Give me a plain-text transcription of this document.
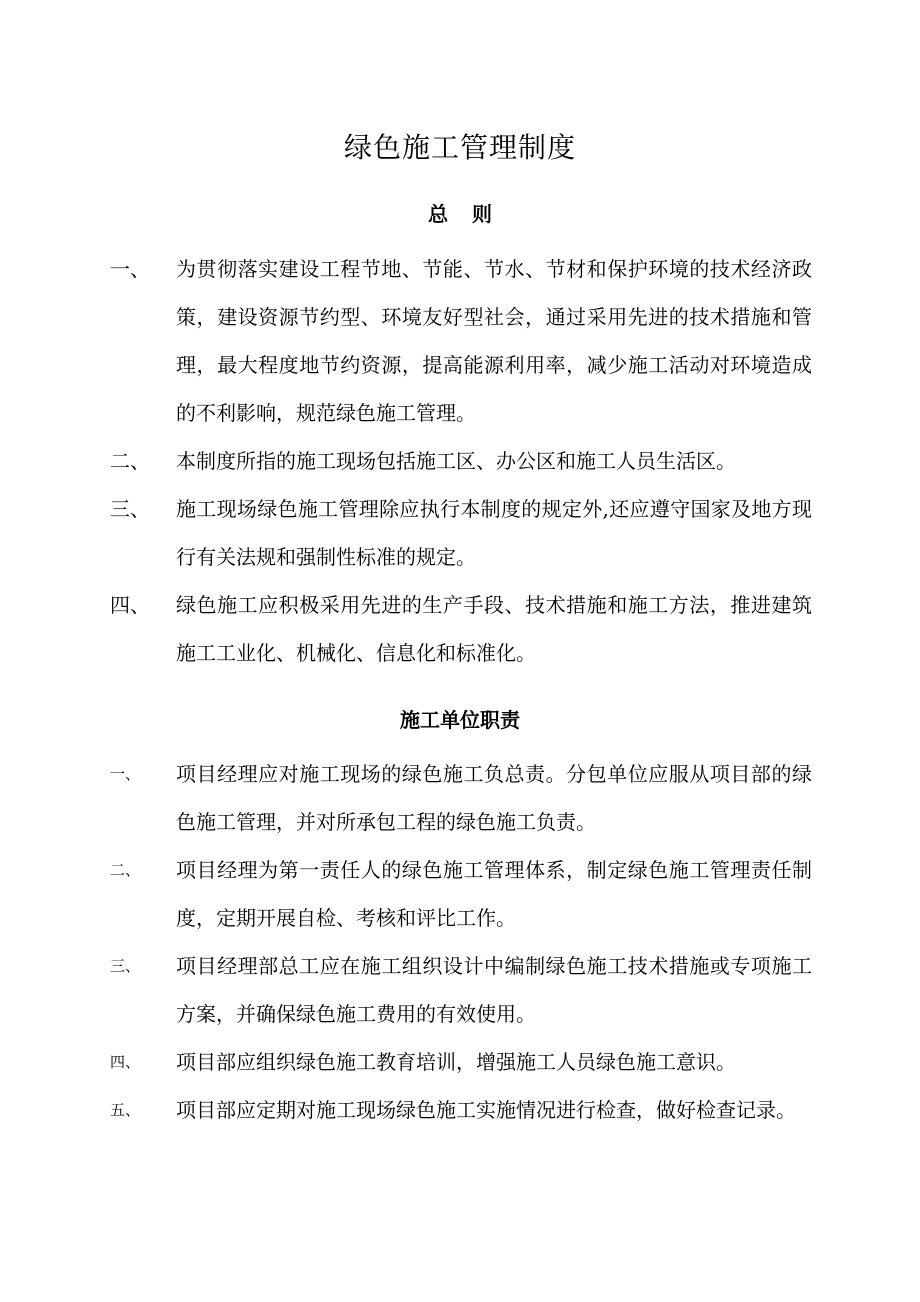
绿色施工管理制度
总 则
一、 为贯彻落实建设工程节地、节能、节水、节材和保护环境的技术经济政策，建设资源节约型、环境友好型社会，通过采用先进的技术措施和管理，最大程度地节约资源，提高能源利用率，减少施工活动对环境造成的不利影响，规范绿色施工管理。
二、 本制度所指的施工现场包括施工区、办公区和施工人员生活区。
三、 施工现场绿色施工管理除应执行本制度的规定外,还应遵守国家及地方现行有关法规和强制性标准的规定。
四、 绿色施工应积极采用先进的生产手段、技术措施和施工方法，推进建筑施工工业化、机械化、信息化和标准化。
施工单位职责
一、 项目经理应对施工现场的绿色施工负总责。分包单位应服从项目部的绿色施工管理，并对所承包工程的绿色施工负责。
二、 项目经理为第一责任人的绿色施工管理体系，制定绿色施工管理责任制度，定期开展自检、考核和评比工作。
三、 项目经理部总工应在施工组织设计中编制绿色施工技术措施或专项施工方案，并确保绿色施工费用的有效使用。
四、 项目部应组织绿色施工教育培训，增强施工人员绿色施工意识。
五、 项目部应定期对施工现场绿色施工实施情况进行检查，做好检查记录。
